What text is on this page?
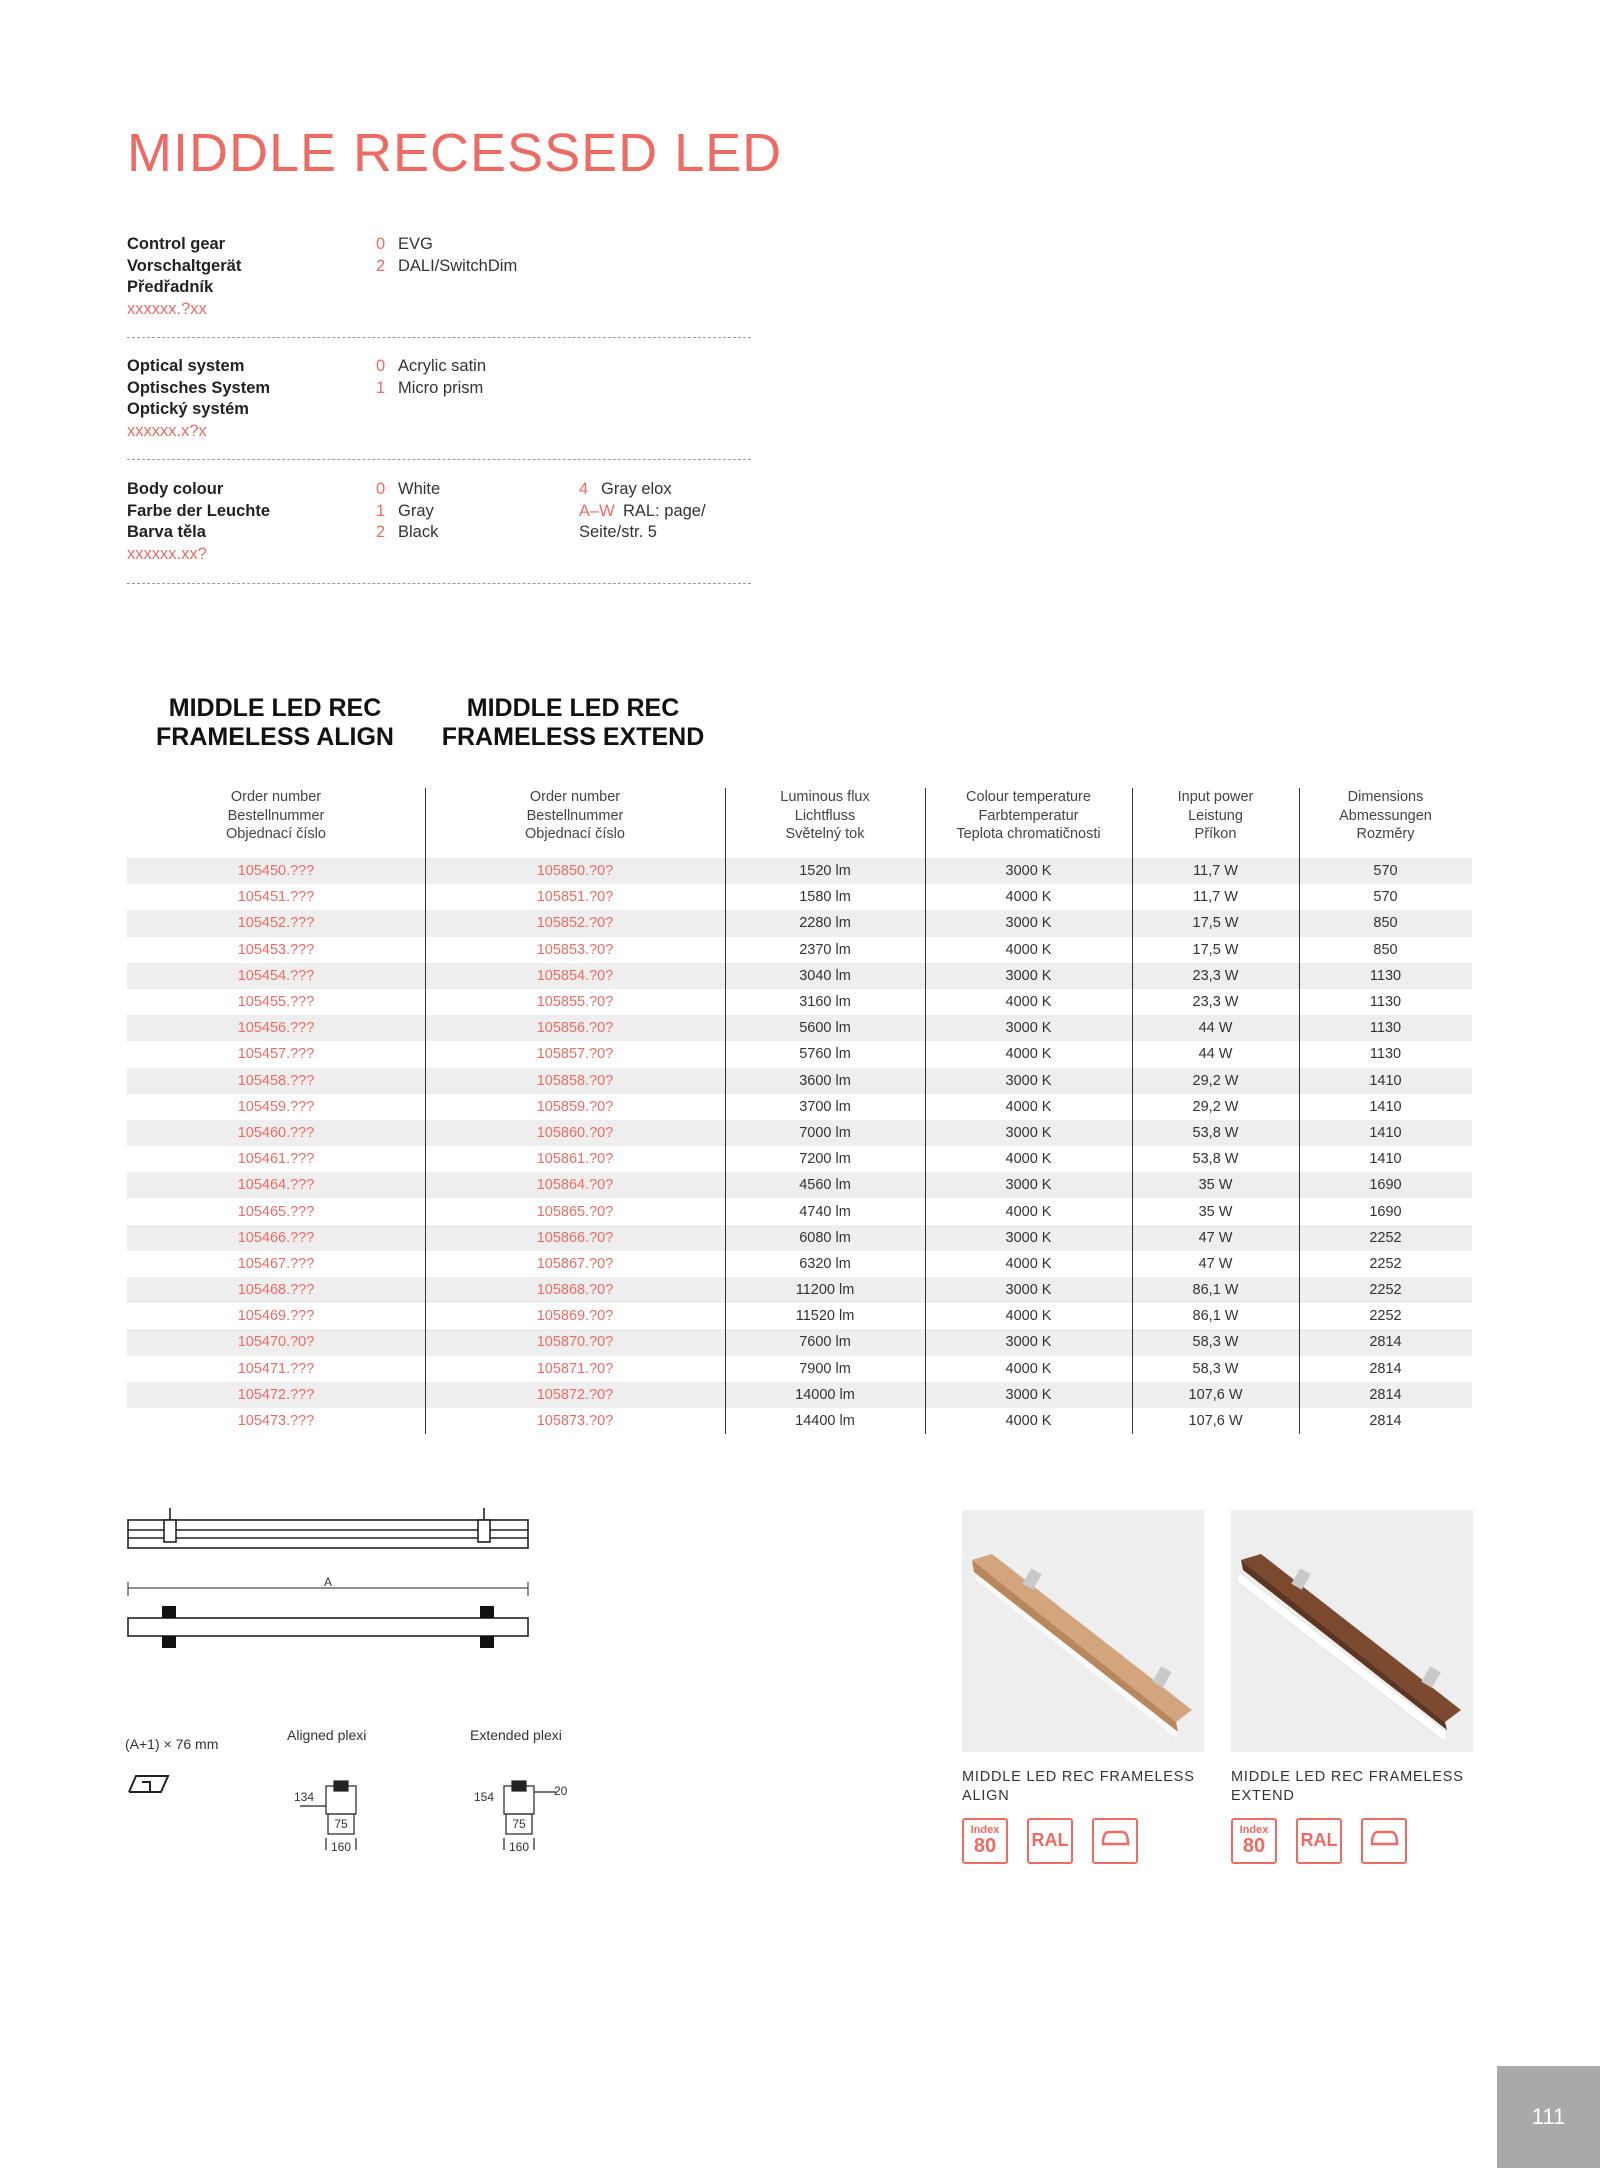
MIDDLE RECESSED LED
Control gear
Vorschaltgerät
Předřadník
xxxxxx.?xx
0 EVG
2 DALI/SwitchDim
Optical system
Optisches System
Optický systém
xxxxxx.x?x
0 Acrylic satin
1 Micro prism
Body colour
Farbe der Leuchte
Barva těla
xxxxxx.xx?
0 White
1 Gray
2 Black
4 Gray elox
A–W RAL: page/
Seite/str. 5
MIDDLE LED REC
FRAMELESS ALIGN
MIDDLE LED REC
FRAMELESS EXTEND
Order number
Bestellnummer
Objednací číslo
Order number
Bestellnummer
Objednací číslo
Luminous flux
Lichtfluss
Světelný tok
Colour temperature
Farbtemperatur
Teplota chromatičnosti
Input power
Leistung
Příkon
Dimensions
Abmessungen
Rozměry
105450.???	105850.?0?	1520 lm	3000 K	11,7 W	570
105451.???	105851.?0?	1580 lm	4000 K	11,7 W	570
105452.???	105852.?0?	2280 lm	3000 K	17,5 W	850
105453.???	105853.?0?	2370 lm	4000 K	17,5 W	850
105454.???	105854.?0?	3040 lm	3000 K	23,3 W	1130
105455.???	105855.?0?	3160 lm	4000 K	23,3 W	1130
105456.???	105856.?0?	5600 lm	3000 K	44 W	1130
105457.???	105857.?0?	5760 lm	4000 K	44 W	1130
105458.???	105858.?0?	3600 lm	3000 K	29,2 W	1410
105459.???	105859.?0?	3700 lm	4000 K	29,2 W	1410
105460.???	105860.?0?	7000 lm	3000 K	53,8 W	1410
105461.???	105861.?0?	7200 lm	4000 K	53,8 W	1410
105464.???	105864.?0?	4560 lm	3000 K	35 W	1690
105465.???	105865.?0?	4740 lm	4000 K	35 W	1690
105466.???	105866.?0?	6080 lm	3000 K	47 W	2252
105467.???	105867.?0?	6320 lm	4000 K	47 W	2252
105468.???	105868.?0?	11200 lm	3000 K	86,1 W	2252
105469.???	105869.?0?	11520 lm	4000 K	86,1 W	2252
105470.?0?	105870.?0?	7600 lm	3000 K	58,3 W	2814
105471.???	105871.?0?	7900 lm	4000 K	58,3 W	2814
105472.???	105872.?0?	14000 lm	3000 K	107,6 W	2814
105473.???	105873.?0?	14400 lm	4000 K	107,6 W	2814
A
(A+1) × 76 mm
Aligned plexi
134
75
160
Extended plexi
154	20
75
160
MIDDLE LED REC FRAMELESS
ALIGN
MIDDLE LED REC FRAMELESS
EXTEND
Index
80	RAL	Index
80	RAL
111
